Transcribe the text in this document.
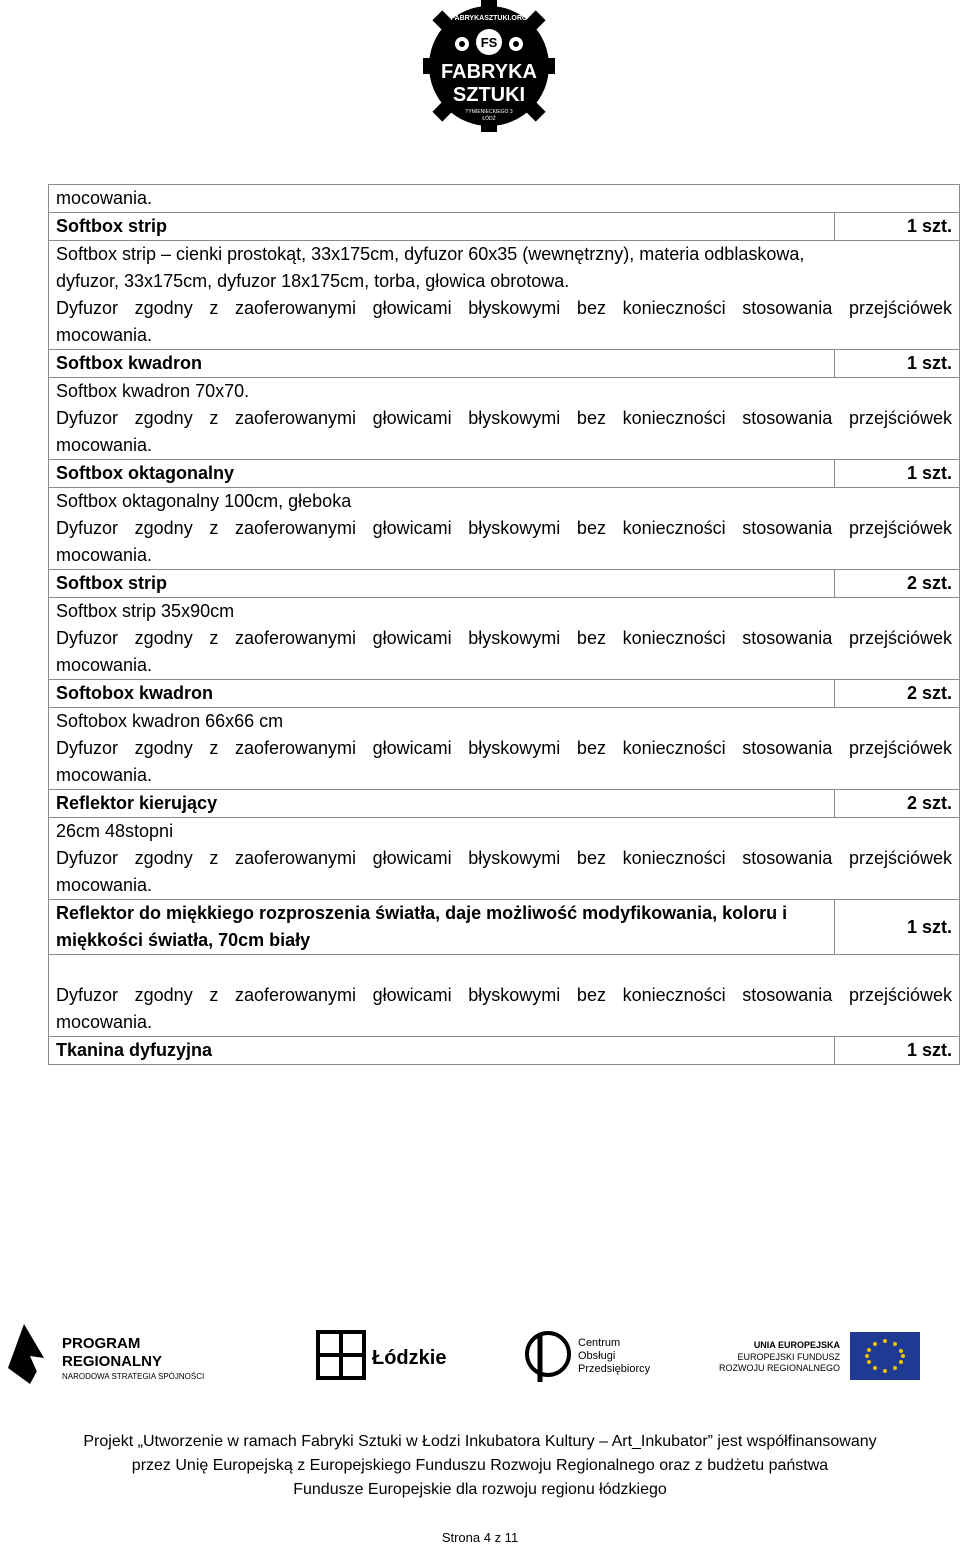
FABRYKASZTUKI.ORG
FS
FABRYKA
SZTUKI
TYMIENIECKIEGO 3
ŁÓDŹ
mocowania.	
Softbox strip	1 szt.

Softbox strip – cienki prostokąt, 33x175cm, dyfuzor 60x35 (wewnętrzny), materia odblaskowa,
dyfuzor, 33x175cm, dyfuzor 18x175cm, torba, głowica obrotowa.
Dyfuzor zgodny z zaoferowanymi głowicami błyskowymi bez konieczności stosowania przejściówek
mocowania.	

Softbox kwadron	1 szt.

Softbox kwadron 70x70.
Dyfuzor zgodny z zaoferowanymi głowicami błyskowymi bez konieczności stosowania przejściówek
mocowania.	

Softbox oktagonalny	1 szt.

Softbox oktagonalny 100cm, głeboka
Dyfuzor zgodny z zaoferowanymi głowicami błyskowymi bez konieczności stosowania przejściówek
mocowania.	

Softbox strip	2 szt.

Softbox strip 35x90cm
Dyfuzor zgodny z zaoferowanymi głowicami błyskowymi bez konieczności stosowania przejściówek
mocowania.	

Softobox kwadron	2 szt.

Softobox kwadron 66x66 cm
Dyfuzor zgodny z zaoferowanymi głowicami błyskowymi bez konieczności stosowania przejściówek
mocowania.	

Reflektor kierujący	2 szt.

26cm 48stopni
Dyfuzor zgodny z zaoferowanymi głowicami błyskowymi bez konieczności stosowania przejściówek
mocowania.	

Reflektor do miękkiego rozproszenia światła, daje możliwość modyfikowania, koloru i miękkości światła, 70cm biały	1 szt.

Dyfuzor zgodny z zaoferowanymi głowicami błyskowymi bez konieczności stosowania przejściówek
mocowania.	

Tkanina dyfuzyjna	1 szt.
PROGRAM
REGIONALNY
NARODOWA STRATEGIA SPÓJNOŚCI
Łódzkie
Centrum
Obsługi
Przedsiębiorcy
UNIA EUROPEJSKA
EUROPEJSKI FUNDUSZ
ROZWOJU REGIONALNEGO
Projekt „Utworzenie w ramach Fabryki Sztuki w Łodzi Inkubatora Kultury – Art_Inkubator” jest współfinansowany
przez Unię Europejską z Europejskiego Funduszu Rozwoju Regionalnego oraz z budżetu państwa
Fundusze Europejskie dla rozwoju regionu łódzkiego
Strona 4 z 11
